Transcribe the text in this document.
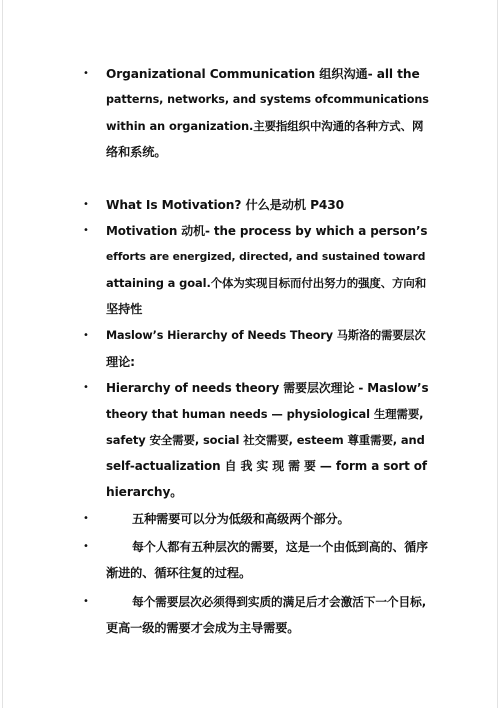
• Organizational Communication 组织沟通- all the
patterns, networks, and systems ofcommunications
within an organization.主要指组织中沟通的各种方式、网
络和系统。
• What Is Motivation? 什么是动机 P430
• Motivation 动机- the process by which a person’s
efforts are energized, directed, and sustained toward
attaining a goal.个体为实现目标而付出努力的强度、方向和
坚持性
• Maslow’s Hierarchy of Needs Theory 马斯洛的需要层次
理论:
• Hierarchy of needs theory 需要层次理论 - Maslow’s
theory that human needs — physiological 生理需要,
safety 安全需要, social 社交需要, esteem 尊重需要, and
self-actualization 自 我 实 现 需 要 — form a sort of
hierarchy。
•	五种需要可以分为低级和高级两个部分。
•	每个人都有五种层次的需要，这是一个由低到高的、循序
渐进的、循环往复的过程。
•	每个需要层次必须得到实质的满足后才会激活下一个目标,
更高一级的需要才会成为主导需要。
